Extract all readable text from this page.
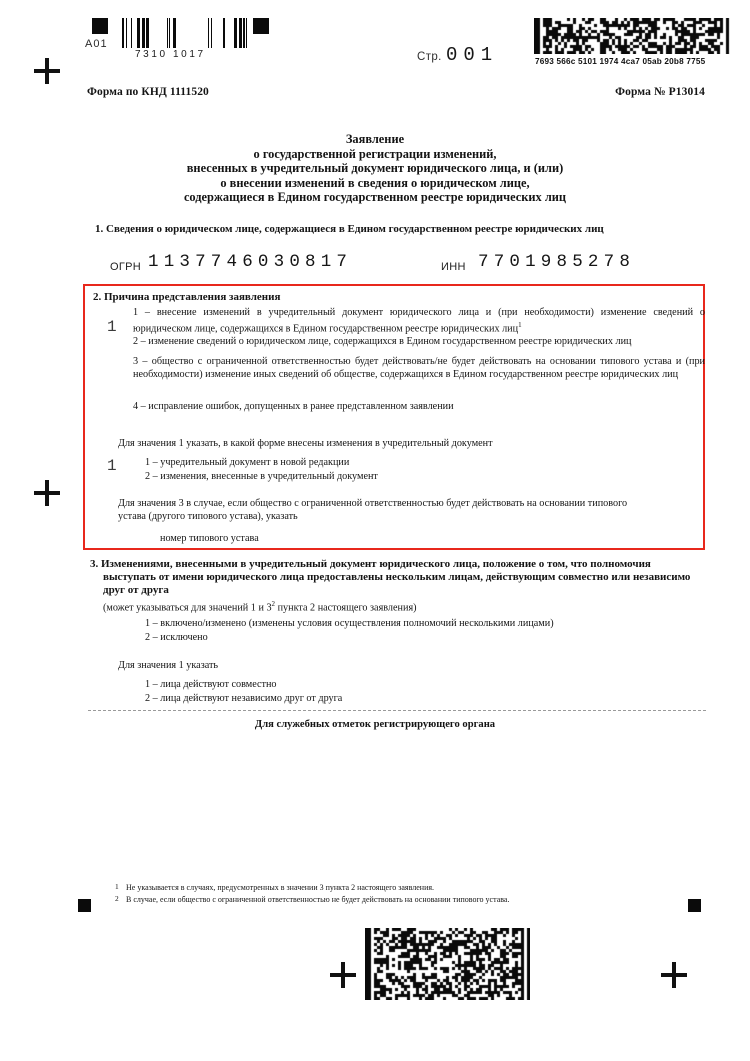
A01
7310 1017
7693 566c 5101 1974 4ca7 05ab 20b8 7755
Стр. 001
Форма по КНД 1111520	Форма № Р13014
Заявление
о государственной регистрации изменений,
внесенных в учредительный документ юридического лица, и (или)
о внесении изменений в сведения о юридическом лице,
содержащиеся в Едином государственном реестре юридических лиц
1. Сведения о юридическом лице, содержащиеся в Едином государственном реестре юридических лиц
ОГРН 1137746030817	ИНН 7701985278
2. Причина представления заявления
1
1 – внесение изменений в учредительный документ юридического лица и (при необходимости) изменение сведений о юридическом лице, содержащихся в Едином государственном реестре юридических лиц$^1$
2 – изменение сведений о юридическом лице, содержащихся в Едином государственном реестре юридических лиц
3 – общество с ограниченной ответственностью будет действовать/не будет действовать на основании типового устава и (при необходимости) изменение иных сведений об обществе, содержащихся в Едином государственном реестре юридических лиц
4 – исправление ошибок, допущенных в ранее представленном заявлении
Для значения 1 указать, в какой форме внесены изменения в учредительный документ
1	1 – учредительный документ в новой редакции
2 – изменения, внесенные в учредительный документ
Для значения 3 в случае, если общество с ограниченной ответственностью будет действовать на основании типового
устава (другого типового устава), указать
номер типового устава
3. Изменениями, внесенными в учредительный документ юридического лица, положение о том, что полномочия
выступать от имени юридического лица предоставлены нескольким лицам, действующим совместно или независимо
друг от друга
(может указываться для значений 1 и 3$^2$ пункта 2 настоящего заявления)
1 – включено/изменено (изменены условия осуществления полномочий несколькими лицами)
2 – исключено
Для значения 1 указать
1 – лица действуют совместно
2 – лица действуют независимо друг от друга
Для служебных отметок регистрирующего органа
1 Не указывается в случаях, предусмотренных в значении 3 пункта 2 настоящего заявления.
2 В случае, если общество с ограниченной ответственностью не будет действовать на основании типового устава.
